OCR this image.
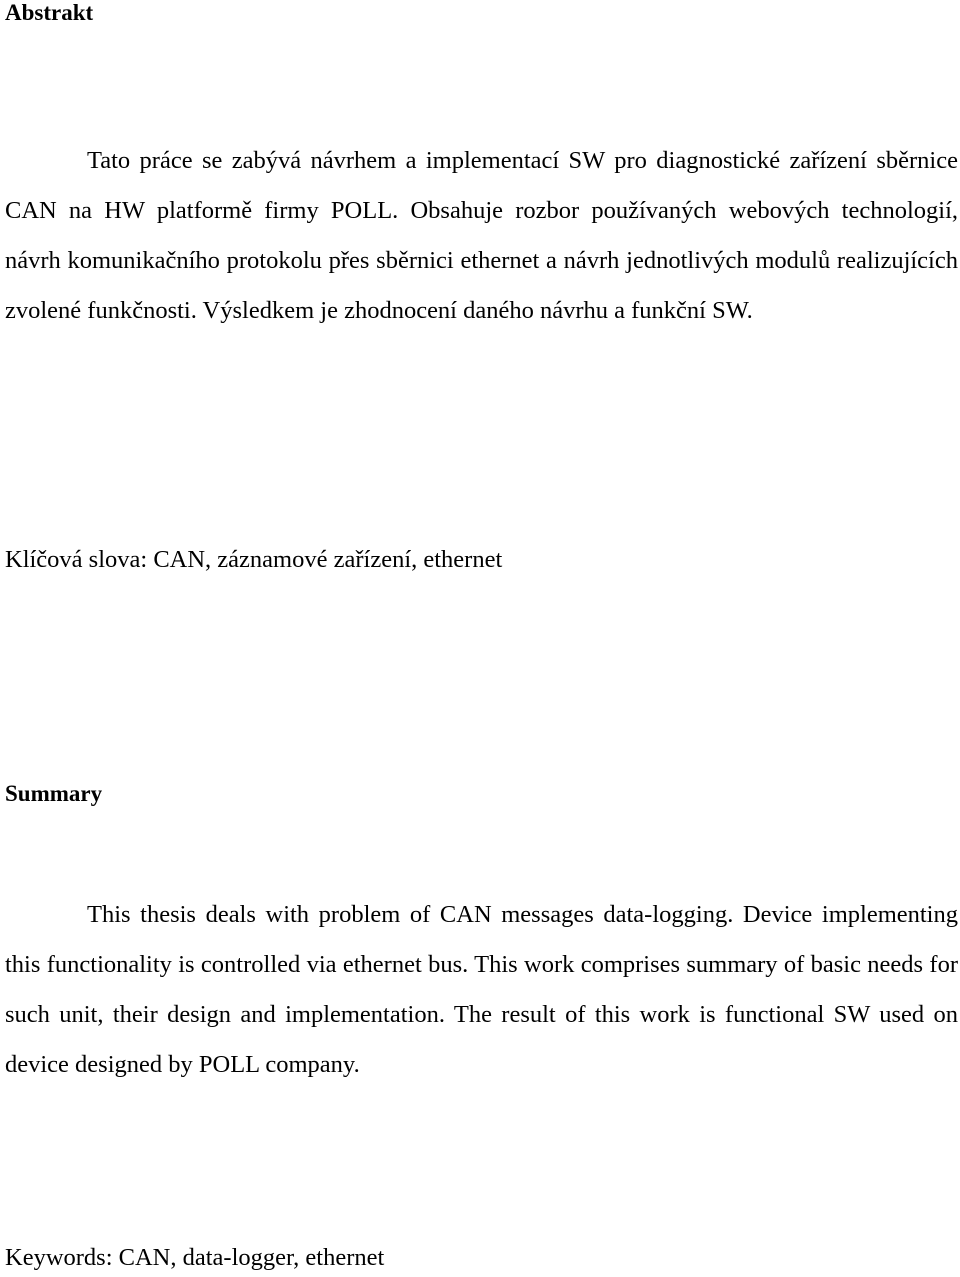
Abstrakt

Tato práce se zabývá návrhem a implementací SW pro diagnostické zařízení sběrnice CAN na HW platformě firmy POLL. Obsahuje rozbor používaných webových technologií, návrh komunikačního protokolu přes sběrnici ethernet a návrh jednotlivých modulů realizujících zvolené funkčnosti. Výsledkem je zhodnocení daného návrhu a funkční SW.

Klíčová slova: CAN, záznamové zařízení, ethernet

Summary

This thesis deals with problem of CAN messages data-logging. Device implementing this functionality is controlled via ethernet bus. This work comprises summary of basic needs for such unit, their design and implementation. The result of this work is functional SW used on device designed by POLL company.

Keywords: CAN, data-logger, ethernet
